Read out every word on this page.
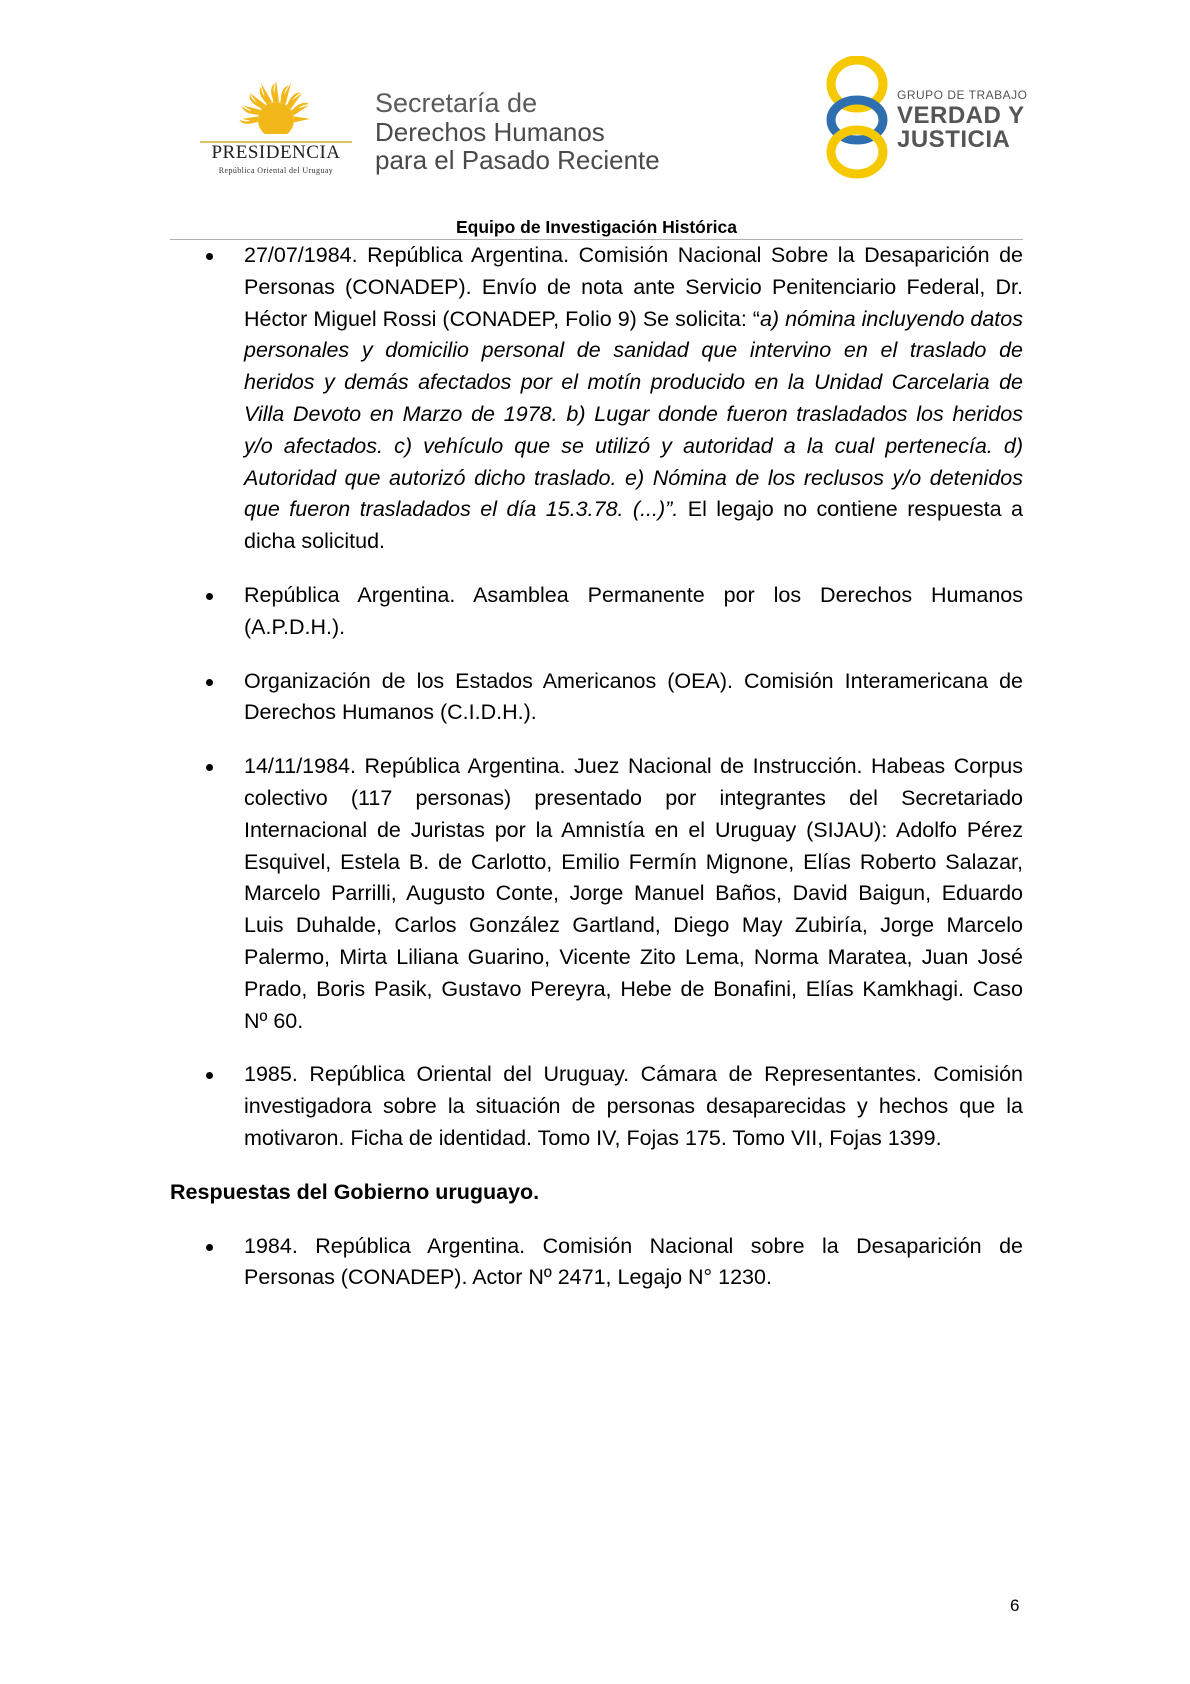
PRESIDENCIA
República Oriental del Uruguay
Secretaría de
Derechos Humanos
para el Pasado Reciente
GRUPO DE TRABAJO
VERDAD Y
JUSTICIA
Equipo de Investigación Histórica
27/07/1984. República Argentina. Comisión Nacional Sobre la Desaparición de Personas (CONADEP). Envío de nota ante Servicio Penitenciario Federal, Dr. Héctor Miguel Rossi (CONADEP, Folio 9) Se solicita: “a) nómina incluyendo datos personales y domicilio personal de sanidad que intervino en el traslado de heridos y demás afectados por el motín producido en la Unidad Carcelaria de Villa Devoto en Marzo de 1978. b) Lugar donde fueron trasladados los heridos y/o afectados. c) vehículo que se utilizó y autoridad a la cual pertenecía. d) Autoridad que autorizó dicho traslado. e) Nómina de los reclusos y/o detenidos que fueron trasladados el día 15.3.78. (...)”. El legajo no contiene respuesta a dicha solicitud.
República Argentina. Asamblea Permanente por los Derechos Humanos (A.P.D.H.).
Organización de los Estados Americanos (OEA). Comisión Interamericana de Derechos Humanos (C.I.D.H.).
14/11/1984. República Argentina. Juez Nacional de Instrucción. Habeas Corpus colectivo (117 personas) presentado por integrantes del Secretariado Internacional de Juristas por la Amnistía en el Uruguay (SIJAU): Adolfo Pérez Esquivel, Estela B. de Carlotto, Emilio Fermín Mignone, Elías Roberto Salazar, Marcelo Parrilli, Augusto Conte, Jorge Manuel Baños, David Baigun, Eduardo Luis Duhalde, Carlos González Gartland, Diego May Zubiría, Jorge Marcelo Palermo, Mirta Liliana Guarino, Vicente Zito Lema, Norma Maratea, Juan José Prado, Boris Pasik, Gustavo Pereyra, Hebe de Bonafini, Elías Kamkhagi. Caso Nº 60.
1985. República Oriental del Uruguay. Cámara de Representantes. Comisión investigadora sobre la situación de personas desaparecidas y hechos que la motivaron. Ficha de identidad. Tomo IV, Fojas 175. Tomo VII, Fojas 1399.
Respuestas del Gobierno uruguayo.
1984. República Argentina. Comisión Nacional sobre la Desaparición de Personas (CONADEP). Actor Nº 2471, Legajo N° 1230.
6
